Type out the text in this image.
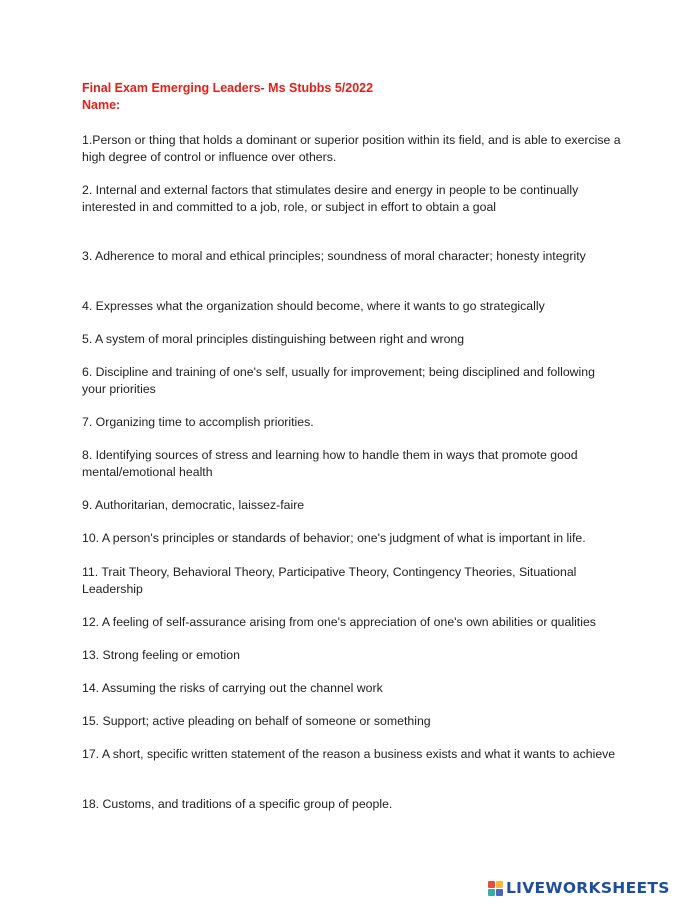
Final Exam Emerging Leaders- Ms Stubbs 5/2022
Name:
1.Person or thing that holds a dominant or superior position within its field, and is able to exercise a high degree of control or influence over others.
2. Internal and external factors that stimulates desire and energy in people to be continually interested in and committed to a job, role, or subject in effort to obtain a goal
3. Adherence to moral and ethical principles; soundness of moral character; honesty integrity
4. Expresses what the organization should become, where it wants to go strategically
5. A system of moral principles distinguishing between right and wrong
6. Discipline and training of one's self, usually for improvement; being disciplined and following your priorities
7. Organizing time to accomplish priorities.
8. Identifying sources of stress and learning how to handle them in ways that promote good mental/emotional health
9. Authoritarian, democratic, laissez-faire
10. A person's principles or standards of behavior; one's judgment of what is important in life.
11. Trait Theory, Behavioral Theory, Participative Theory, Contingency Theories, Situational Leadership
12. A feeling of self-assurance arising from one's appreciation of one's own abilities or qualities
13. Strong feeling or emotion
14. Assuming the risks of carrying out the channel work
15. Support; active pleading on behalf of someone or something
17. A short, specific written statement of the reason a business exists and what it wants to achieve
18. Customs, and traditions of a specific group of people.
LIVEWORKSHEETS
